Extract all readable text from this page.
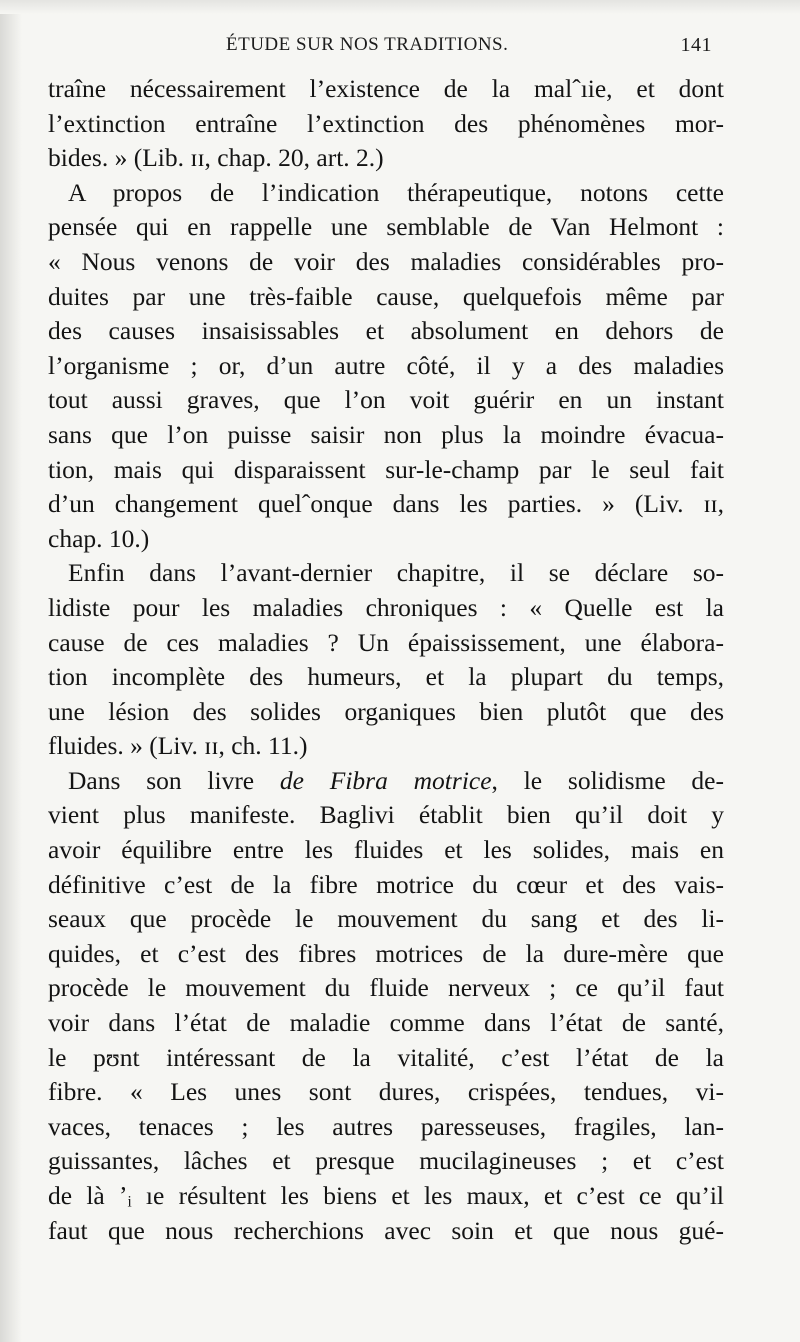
ÉTUDE SUR NOS TRADITIONS.	141
traîne nécessairement l’existence de la malˆıie, et dont
l’extinction entraîne l’extinction des phénomènes mor-
bides. » (Lib. ɪɪ, chap. 20, art. 2.)
A propos de l’indication thérapeutique, notons cette
pensée qui en rappelle une semblable de Van Helmont :
« Nous venons de voir des maladies considérables pro-
duites par une très-faible cause, quelquefois même par
des causes insaisissables et absolument en dehors de
l’organisme ; or, d’un autre côté, il y a des maladies
tout aussi graves, que l’on voit guérir en un instant
sans que l’on puisse saisir non plus la moindre évacua-
tion, mais qui disparaissent sur-le-champ par le seul fait
d’un changement quelˆonque dans les parties. » (Liv. ɪɪ,
chap. 10.)
Enfin dans l’avant-dernier chapitre, il se déclare so-
lidiste pour les maladies chroniques : « Quelle est la
cause de ces maladies ? Un épaississement, une élabora-
tion incomplète des humeurs, et la plupart du temps,
une lésion des solides organiques bien plutôt que des
fluides. » (Liv. ɪɪ, ch. 11.)
Dans son livre de Fibra motrice, le solidisme de-
vient plus manifeste. Baglivi établit bien qu’il doit y
avoir équilibre entre les fluides et les solides, mais en
définitive c’est de la fibre motrice du cœur et des vais-
seaux que procède le mouvement du sang et des li-
quides, et c’est des fibres motrices de la dure-mère que
procède le mouvement du fluide nerveux ; ce qu’il faut
voir dans l’état de maladie comme dans l’état de santé,
le pʊnt intéressant de la vitalité, c’est l’état de la
fibre. « Les unes sont dures, crispées, tendues, vi-
vaces, tenaces ; les autres paresseuses, fragiles, lan-
guissantes, lâches et presque mucilagineuses ; et c’est
de là ʼᵢ ıe résultent les biens et les maux, et c’est ce qu’il
faut que nous recherchions avec soin et que nous gué-
